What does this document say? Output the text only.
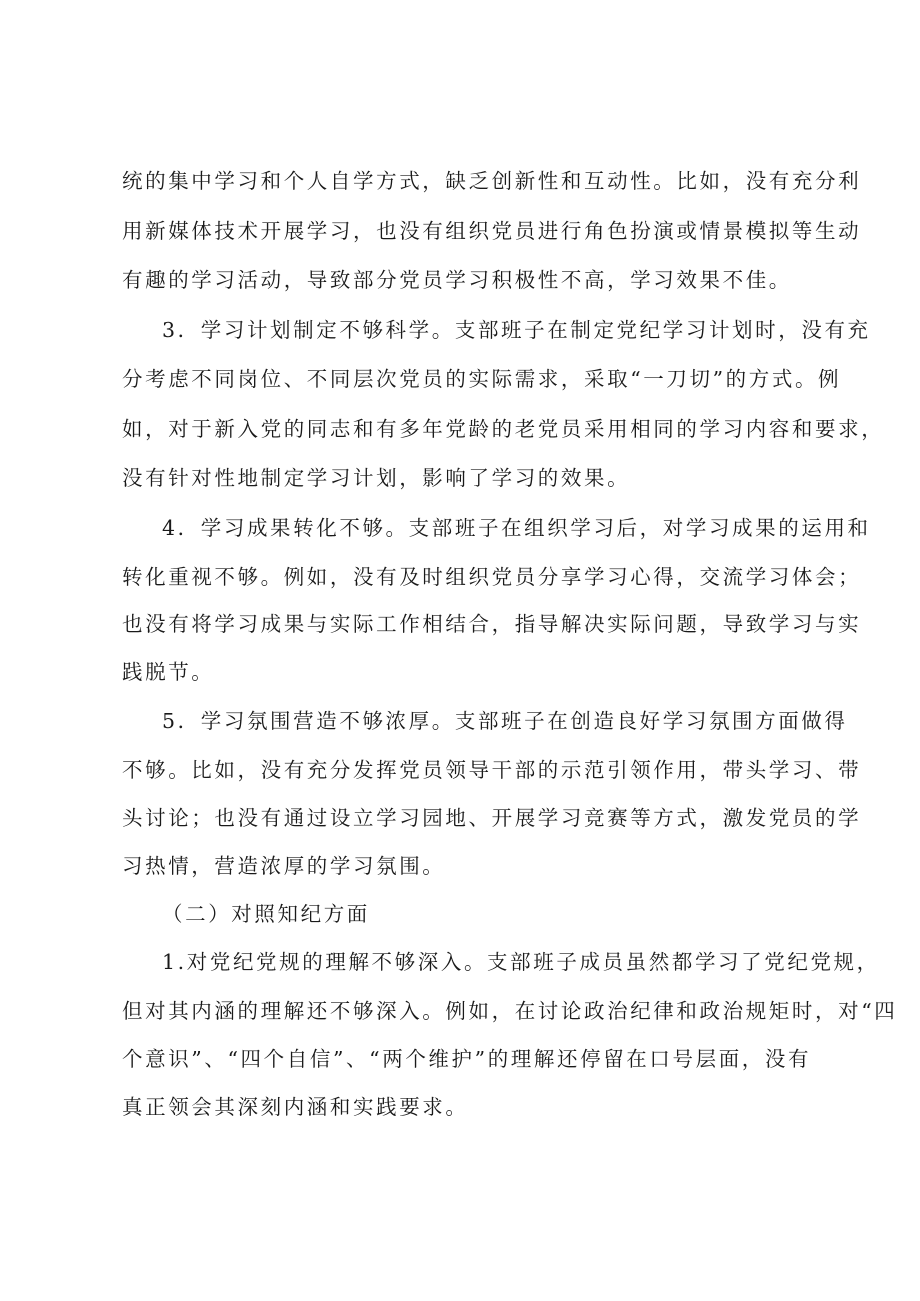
统的集中学习和个人自学方式，缺乏创新性和互动性。比如，没有充分利
用新媒体技术开展学习，也没有组织党员进行角色扮演或情景模拟等生动
有趣的学习活动，导致部分党员学习积极性不高，学习效果不佳。
3．学习计划制定不够科学。支部班子在制定党纪学习计划时，没有充
分考虑不同岗位、不同层次党员的实际需求，采取“一刀切”的方式。例
如，对于新入党的同志和有多年党龄的老党员采用相同的学习内容和要求，
没有针对性地制定学习计划，影响了学习的效果。
4．学习成果转化不够。支部班子在组织学习后，对学习成果的运用和
转化重视不够。例如，没有及时组织党员分享学习心得，交流学习体会；
也没有将学习成果与实际工作相结合，指导解决实际问题，导致学习与实
践脱节。
5．学习氛围营造不够浓厚。支部班子在创造良好学习氛围方面做得
不够。比如，没有充分发挥党员领导干部的示范引领作用，带头学习、带
头讨论；也没有通过设立学习园地、开展学习竞赛等方式，激发党员的学
习热情，营造浓厚的学习氛围。
（二）对照知纪方面
1.对党纪党规的理解不够深入。支部班子成员虽然都学习了党纪党规，
但对其内涵的理解还不够深入。例如，在讨论政治纪律和政治规矩时，对“四
个意识”、“四个自信”、“两个维护”的理解还停留在口号层面，没有
真正领会其深刻内涵和实践要求。
